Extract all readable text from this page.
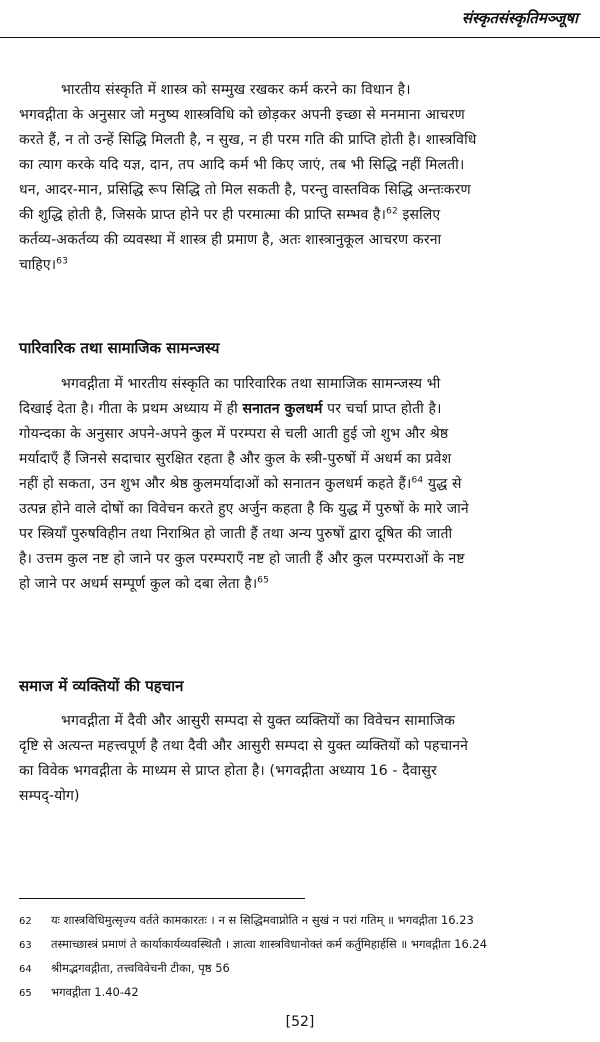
संस्कृतसंस्कृतिमञ्जूषा
भारतीय संस्कृति में शास्त्र को सम्मुख रखकर कर्म करने का विधान है।
भगवद्गीता के अनुसार जो मनुष्य शास्त्रविधि को छोड़कर अपनी इच्छा से मनमाना आचरण
करते हैं, न तो उन्हें सिद्धि मिलती है, न सुख, न ही परम गति की प्राप्ति होती है। शास्त्रविधि
का त्याग करके यदि यज्ञ, दान, तप आदि कर्म भी किए जाएं, तब भी सिद्धि नहीं मिलती।
धन, आदर-मान, प्रसिद्धि रूप सिद्धि तो मिल सकती है, परन्तु वास्तविक सिद्धि अन्तःकरण
की शुद्धि होती है, जिसके प्राप्त होने पर ही परमात्मा की प्राप्ति सम्भव है।$^{62}$ इसलिए
कर्तव्य-अकर्तव्य की व्यवस्था में शास्त्र ही प्रमाण है, अतः शास्त्रानुकूल आचरण करना
चाहिए।$^{63}$
पारिवारिक तथा सामाजिक सामन्जस्य
भगवद्गीता में भारतीय संस्कृति का पारिवारिक तथा सामाजिक सामन्जस्य भी
दिखाई देता है। गीता के प्रथम अध्याय में ही सनातन कुलधर्म पर चर्चा प्राप्त होती है।
गोयन्दका के अनुसार अपने-अपने कुल में परम्परा से चली आती हुई जो शुभ और श्रेष्ठ
मर्यादाएँ हैं जिनसे सदाचार सुरक्षित रहता है और कुल के स्त्री-पुरुषों में अधर्म का प्रवेश
नहीं हो सकता, उन शुभ और श्रेष्ठ कुलमर्यादाओं को सनातन कुलधर्म कहते हैं।$^{64}$ युद्ध से
उत्पन्न होने वाले दोषों का विवेचन करते हुए अर्जुन कहता है कि युद्ध में पुरुषों के मारे जाने
पर स्त्रियाँ पुरुषविहीन तथा निराश्रित हो जाती हैं तथा अन्य पुरुषों द्वारा दूषित की जाती
है। उत्तम कुल नष्ट हो जाने पर कुल परम्पराएँ नष्ट हो जाती हैं और कुल परम्पराओं के नष्ट
हो जाने पर अधर्म सम्पूर्ण कुल को दबा लेता है।$^{65}$
समाज में व्यक्तियों की पहचान
भगवद्गीता में दैवी और आसुरी सम्पदा से युक्त व्यक्तियों का विवेचन सामाजिक
दृष्टि से अत्यन्त महत्त्वपूर्ण है तथा दैवी और आसुरी सम्पदा से युक्त व्यक्तियों को पहचानने
का विवेक भगवद्गीता के माध्यम से प्राप्त होता है। (भगवद्गीता अध्याय 16 - दैवासुर
सम्पद्-योग)
62 यः शास्त्रविधिमुत्सृज्य वर्तते कामकारतः । न स सिद्धिमवाप्नोति न सुखं न परां गतिम् ॥ भगवद्गीता 16.23
63 तस्माच्छास्त्रं प्रमाणं ते कार्याकार्यव्यवस्थितौ । ज्ञात्वा शास्त्रविधानोक्तं कर्म कर्तुमिहार्हसि ॥ भगवद्गीता 16.24
64 श्रीमद्भगवद्गीता, तत्त्वविवेचनी टीका, पृष्ठ 56
65 भगवद्गीता 1.40-42
[52]
